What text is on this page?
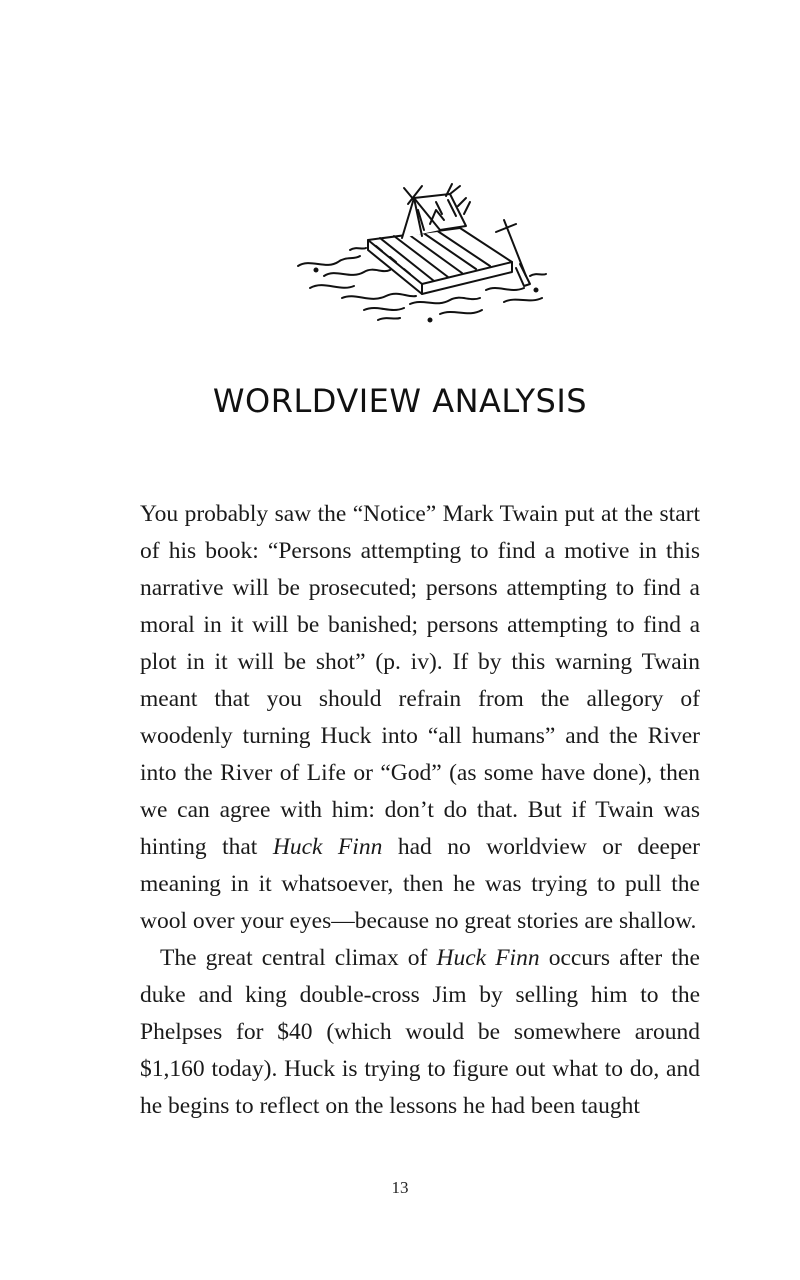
WORLDVIEW ANALYSIS

You probably saw the “Notice” Mark Twain put at the start of his book: “Persons attempting to find a motive in this narrative will be prosecuted; persons attempting to find a moral in it will be banished; persons attempting to find a plot in it will be shot” (p. iv). If by this warning Twain meant that you should refrain from the allegory of woodenly turning Huck into “all humans” and the River into the River of Life or “God” (as some have done), then we can agree with him: don’t do that. But if Twain was hinting that Huck Finn had no worldview or deeper meaning in it whatsoever, then he was trying to pull the wool over your eyes—because no great stories are shallow.

The great central climax of Huck Finn occurs after the duke and king double-cross Jim by selling him to the Phelpses for $40 (which would be somewhere around $1,160 today). Huck is trying to figure out what to do, and he begins to reflect on the lessons he had been taught

13
